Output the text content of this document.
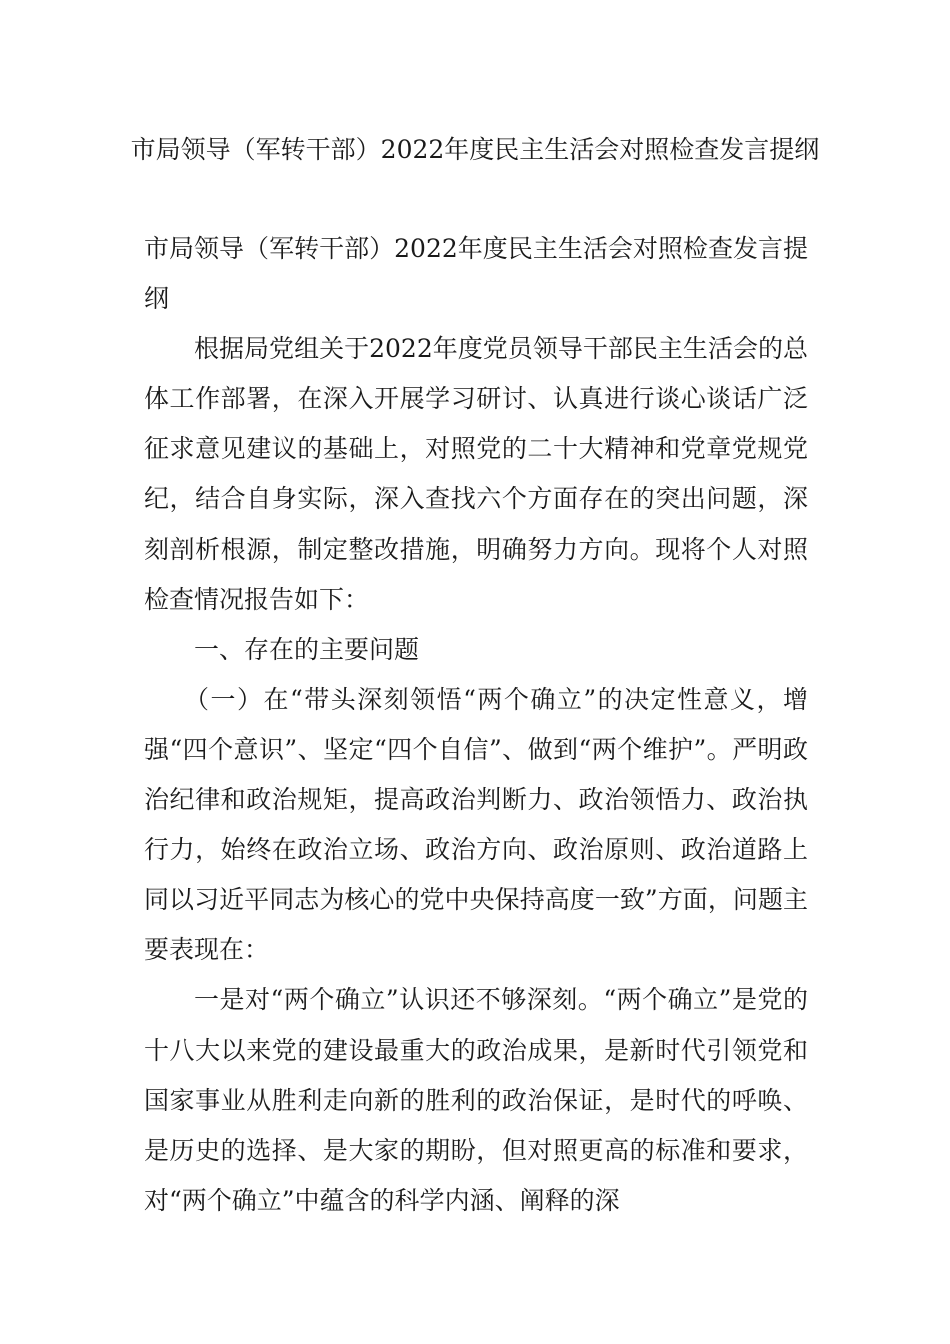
市局领导（军转干部）2022年度民主生活会对照检查发言提纲

市局领导（军转干部）2022年度民主生活会对照检查发言提纲

根据局党组关于2022年度党员领导干部民主生活会的总体工作部署，在深入开展学习研讨、认真进行谈心谈话广泛征求意见建议的基础上，对照党的二十大精神和党章党规党纪，结合自身实际，深入查找六个方面存在的突出问题，深刻剖析根源，制定整改措施，明确努力方向。现将个人对照检查情况报告如下：

一、存在的主要问题

（一）在“带头深刻领悟“两个确立”的决定性意义，增强“四个意识”、坚定“四个自信”、做到“两个维护”。严明政治纪律和政治规矩，提高政治判断力、政治领悟力、政治执行力，始终在政治立场、政治方向、政治原则、政治道路上同以习近平同志为核心的党中央保持高度一致”方面，问题主要表现在：

一是对“两个确立”认识还不够深刻。“两个确立”是党的十八大以来党的建设最重大的政治成果，是新时代引领党和国家事业从胜利走向新的胜利的政治保证，是时代的呼唤、是历史的选择、是大家的期盼，但对照更高的标准和要求，对“两个确立”中蕴含的科学内涵、阐释的深
